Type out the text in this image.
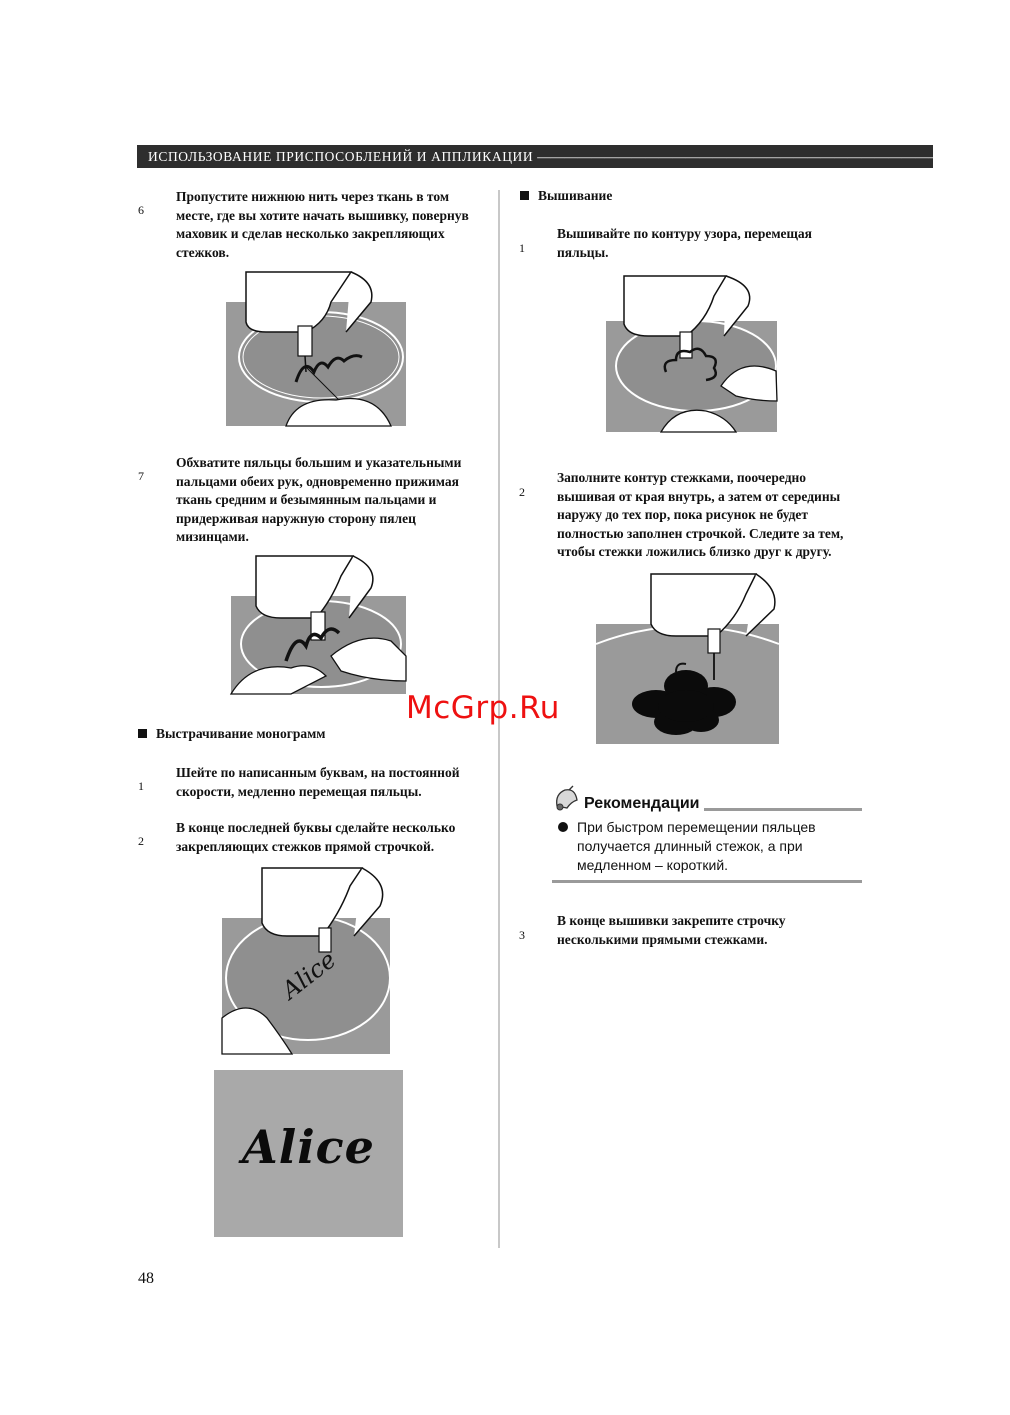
ИСПОЛЬЗОВАНИЕ ПРИСПОСОБЛЕНИЙ И АППЛИКАЦИИ ———————————————————————————————————
6
Пропустите нижнюю нить через ткань в том месте, где вы хотите начать вышивку, повернув маховик и сделав несколько закрепляющих стежков.
7
Обхватите пяльцы большим и указательными пальцами обеих рук, одновременно прижимая ткань средним и безымянным пальцами и придерживая наружную сторону пялец мизинцами.
Выстрачивание монограмм
1
Шейте по написанным буквам, на постоянной скорости, медленно перемещая пяльцы.
2
В конце последней буквы сделайте несколько закрепляющих стежков прямой строчкой.
Alice
Alice
Вышивание
1
Вышивайте по контуру узора, перемещая пяльцы.
2
Заполните контур стежками, поочередно вышивая от края внутрь, а затем от середины наружу до тех пор, пока рисунок не будет полностью заполнен строчкой. Следите за тем, чтобы стежки ложились близко друг к другу.
Рекомендации
При быстром перемещении пяльцев получается длинный стежок, а при медленном – короткий.
3
В конце вышивки закрепите строчку несколькими прямыми стежками.
McGrp.Ru
48
